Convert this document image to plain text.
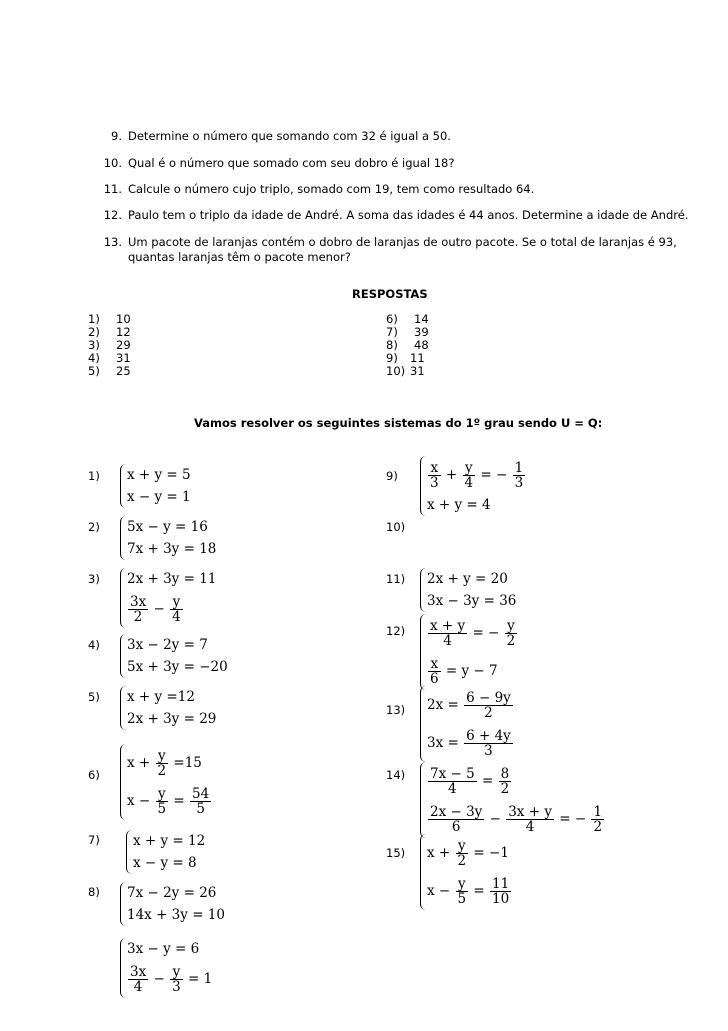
9. Determine o número que somando com 32 é igual a 50.
10. Qual é o número que somado com seu dobro é igual 18?
11. Calcule o número cujo triplo, somado com 19, tem como resultado 64.
12. Paulo tem o triplo da idade de André. A soma das idades é 44 anos. Determine a idade de André.
13. Um pacote de laranjas contém o dobro de laranjas de outro pacote. Se o total de laranjas é 93,
quantas laranjas têm o pacote menor?
RESPOSTAS
1) 10
2) 12
3) 29
4) 31
5) 25
6) 14
7) 39
8) 48
9) 11
10) 31
Vamos resolver os seguintes sistemas do 1º grau sendo U = Q:
1)
2)
3)
4)
5)
6)
7)
8)
9)
10)
11)
12)
13)
14)
15)
x + y = 5
x − y = 1
5x − y = 16
7x + 3y = 18
2x + 3y = 11
$\frac{3x}{2} - \frac{y}{4}$
3x − 2y = 7
5x + 3y = −20
x + y =12
2x + 3y = 29
$x + \frac{y}{2} =15$
$x - \frac{y}{5} = \frac{54}{5}$
x + y = 12
x − y = 8
7x − 2y = 26
14x + 3y = 10
3x − y = 6
$\frac{3x}{4} - \frac{y}{3} = 1$
$\frac{x}{3} + \frac{y}{4}$ = − $\frac{1}{3}$
x + y = 4
2x + y = 20
3x − 3y = 36
$\frac{x + y}{4}$ = − $\frac{y}{2}$
$\frac{x}{6} = y - 7$
$2x = \frac{6 - 9y}{2}$
$3x = \frac{6 + 4y}{3}$
$\frac{7x - 5}{4} = \frac{8}{2}$
$\frac{2x - 3y}{6} - \frac{3x + y}{4}$ = − $\frac{1}{2}$
$x + \frac{y}{2} = -1$
$x - \frac{y}{5} = \frac{11}{10}$
